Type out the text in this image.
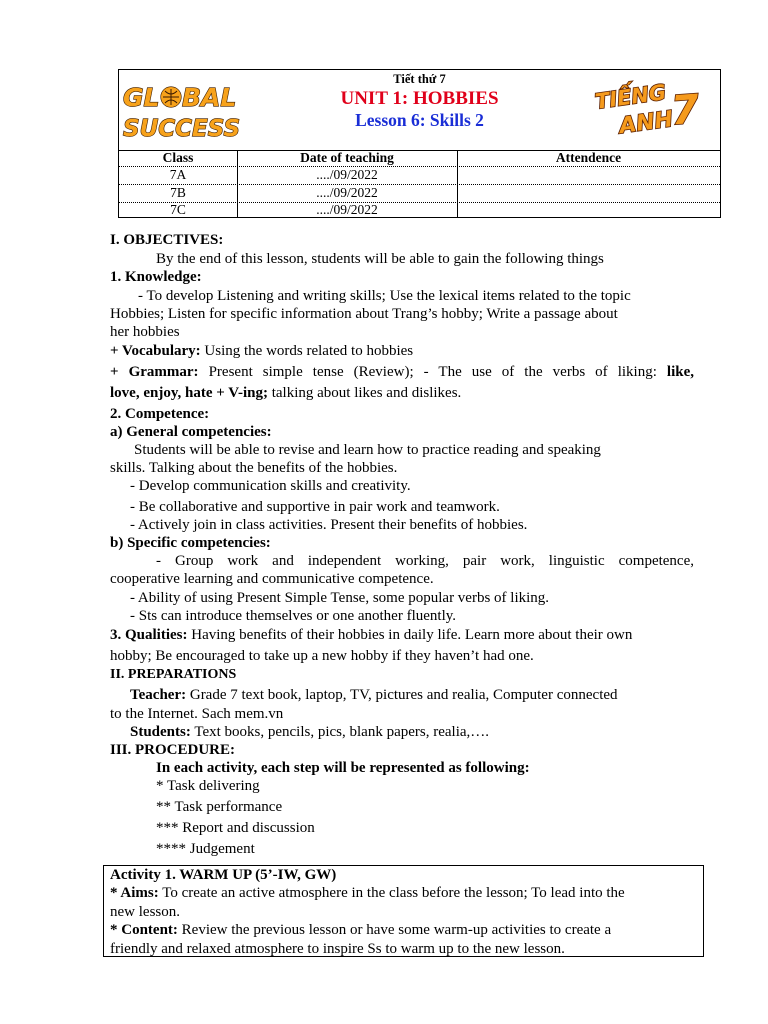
GL BAL
SUCCESS
Tiết thứ 7
UNIT 1: HOBBIES
Lesson 6: Skills 2
TIẾNG
ANH
7
Class	Date of teaching	Attendence
7A	..../09/2022
7B	..../09/2022
7C	..../09/2022
I. OBJECTIVES:
By the end of this lesson, students will be able to gain the following things
1. Knowledge:
- To develop Listening and writing skills; Use the lexical items related to the topic
Hobbies; Listen for specific information about Trang’s hobby; Write a passage about
her hobbies
+ Vocabulary: Using the words related to hobbies
+ Grammar: Present simple tense (Review); - The use of the verbs of liking: like,
love, enjoy, hate + V-ing; talking about likes and dislikes.
2. Competence:
a) General competencies:
Students will be able to revise and learn how to practice reading and speaking
skills. Talking about the benefits of the hobbies.
- Develop communication skills and creativity.
- Be collaborative and supportive in pair work and teamwork.
- Actively join in class activities. Present their benefits of hobbies.
b) Specific competencies:
- Group work and independent working, pair work, linguistic competence,
cooperative learning and communicative competence.
- Ability of using Present Simple Tense, some popular verbs of liking.
- Sts can introduce themselves or one another fluently.
3. Qualities: Having benefits of their hobbies in daily life. Learn more about their own
hobby; Be encouraged to take up a new hobby if they haven’t had one.
II. PREPARATIONS
Teacher: Grade 7 text book, laptop, TV, pictures and realia, Computer connected
to the Internet. Sach mem.vn
Students: Text books, pencils, pics, blank papers, realia,….
III. PROCEDURE:
In each activity, each step will be represented as following:
* Task delivering
** Task performance
*** Report and discussion
**** Judgement
Activity 1. WARM UP (5’-IW, GW)
* Aims: To create an active atmosphere in the class before the lesson; To lead into the
new lesson.
* Content: Review the previous lesson or have some warm-up activities to create a
friendly and relaxed atmosphere to inspire Ss to warm up to the new lesson.
